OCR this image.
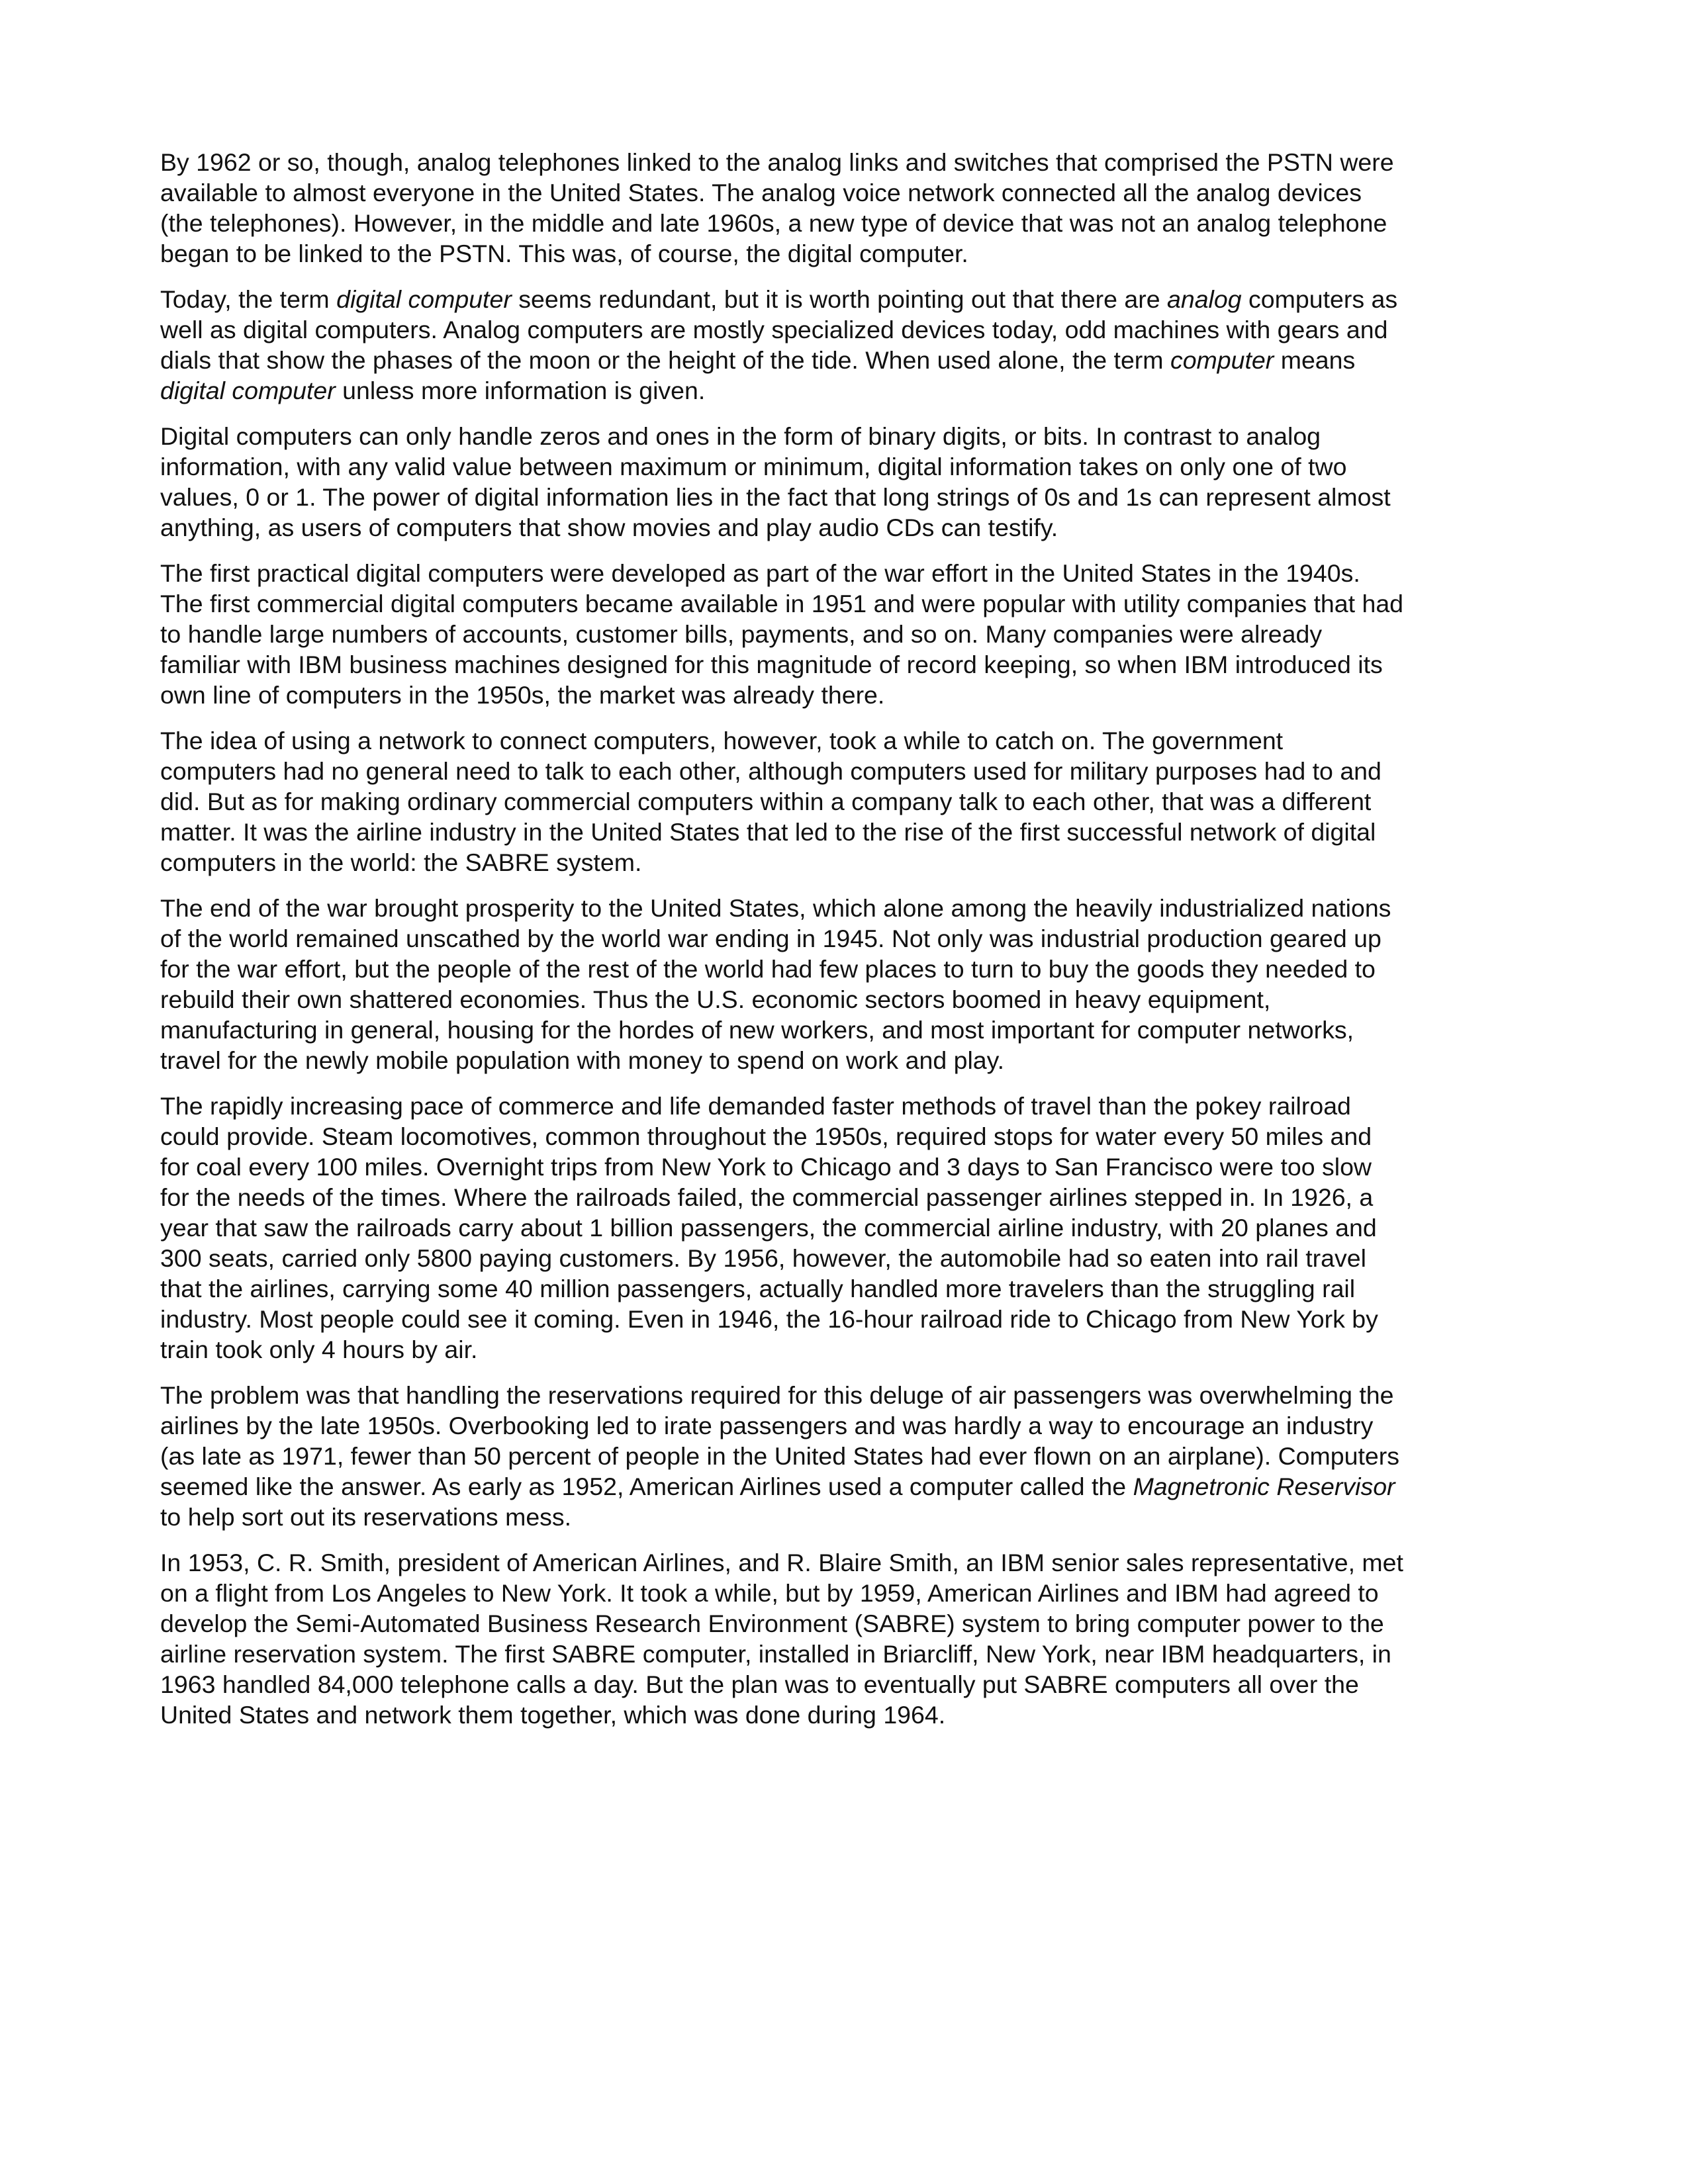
By 1962 or so, though, analog telephones linked to the analog links and switches that comprised the PSTN were available to almost everyone in the United States. The analog voice network connected all the analog devices (the telephones). However, in the middle and late 1960s, a new type of device that was not an analog telephone began to be linked to the PSTN. This was, of course, the digital computer.

Today, the term digital computer seems redundant, but it is worth pointing out that there are analog computers as well as digital computers. Analog computers are mostly specialized devices today, odd machines with gears and dials that show the phases of the moon or the height of the tide. When used alone, the term computer means digital computer unless more information is given.

Digital computers can only handle zeros and ones in the form of binary digits, or bits. In contrast to analog information, with any valid value between maximum or minimum, digital information takes on only one of two values, 0 or 1. The power of digital information lies in the fact that long strings of 0s and 1s can represent almost anything, as users of computers that show movies and play audio CDs can testify.

The first practical digital computers were developed as part of the war effort in the United States in the 1940s. The first commercial digital computers became available in 1951 and were popular with utility companies that had to handle large numbers of accounts, customer bills, payments, and so on. Many companies were already familiar with IBM business machines designed for this magnitude of record keeping, so when IBM introduced its own line of computers in the 1950s, the market was already there.

The idea of using a network to connect computers, however, took a while to catch on. The government computers had no general need to talk to each other, although computers used for military purposes had to and did. But as for making ordinary commercial computers within a company talk to each other, that was a different matter. It was the airline industry in the United States that led to the rise of the first successful network of digital computers in the world: the SABRE system.

The end of the war brought prosperity to the United States, which alone among the heavily industrialized nations of the world remained unscathed by the world war ending in 1945. Not only was industrial production geared up for the war effort, but the people of the rest of the world had few places to turn to buy the goods they needed to rebuild their own shattered economies. Thus the U.S. economic sectors boomed in heavy equipment, manufacturing in general, housing for the hordes of new workers, and most important for computer networks, travel for the newly mobile population with money to spend on work and play.

The rapidly increasing pace of commerce and life demanded faster methods of travel than the pokey railroad could provide. Steam locomotives, common throughout the 1950s, required stops for water every 50 miles and for coal every 100 miles. Overnight trips from New York to Chicago and 3 days to San Francisco were too slow for the needs of the times. Where the railroads failed, the commercial passenger airlines stepped in. In 1926, a year that saw the railroads carry about 1 billion passengers, the commercial airline industry, with 20 planes and 300 seats, carried only 5800 paying customers. By 1956, however, the automobile had so eaten into rail travel that the airlines, carrying some 40 million passengers, actually handled more travelers than the struggling rail industry. Most people could see it coming. Even in 1946, the 16-hour railroad ride to Chicago from New York by train took only 4 hours by air.

The problem was that handling the reservations required for this deluge of air passengers was overwhelming the airlines by the late 1950s. Overbooking led to irate passengers and was hardly a way to encourage an industry (as late as 1971, fewer than 50 percent of people in the United States had ever flown on an airplane). Computers seemed like the answer. As early as 1952, American Airlines used a computer called the Magnetronic Reservisor to help sort out its reservations mess.

In 1953, C. R. Smith, president of American Airlines, and R. Blaire Smith, an IBM senior sales representative, met on a flight from Los Angeles to New York. It took a while, but by 1959, American Airlines and IBM had agreed to develop the Semi-Automated Business Research Environment (SABRE) system to bring computer power to the airline reservation system. The first SABRE computer, installed in Briarcliff, New York, near IBM headquarters, in 1963 handled 84,000 telephone calls a day. But the plan was to eventually put SABRE computers all over the United States and network them together, which was done during 1964.
